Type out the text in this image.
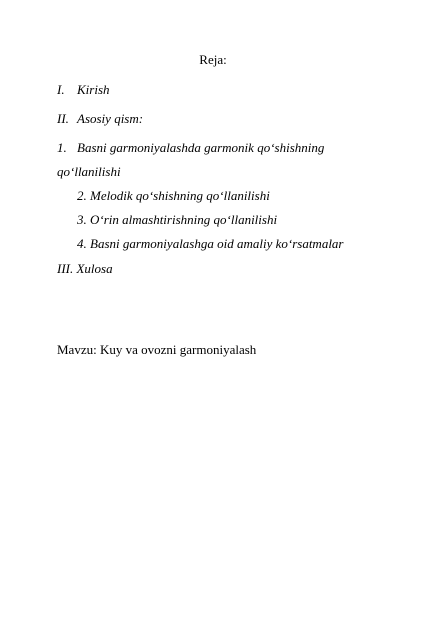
Reja:
I. Kirish
II. Asosiy qism:
1. Basni garmoniyalashda garmonik qo‘shishning
qo‘llanilishi
2. Melodik qo‘shishning qo‘llanilishi
3. O‘rin almashtirishning qo‘llanilishi
4. Basni garmoniyalashga oid amaliy ko‘rsatmalar
III. Xulosa
Mavzu: Kuy va ovozni garmoniyalash
